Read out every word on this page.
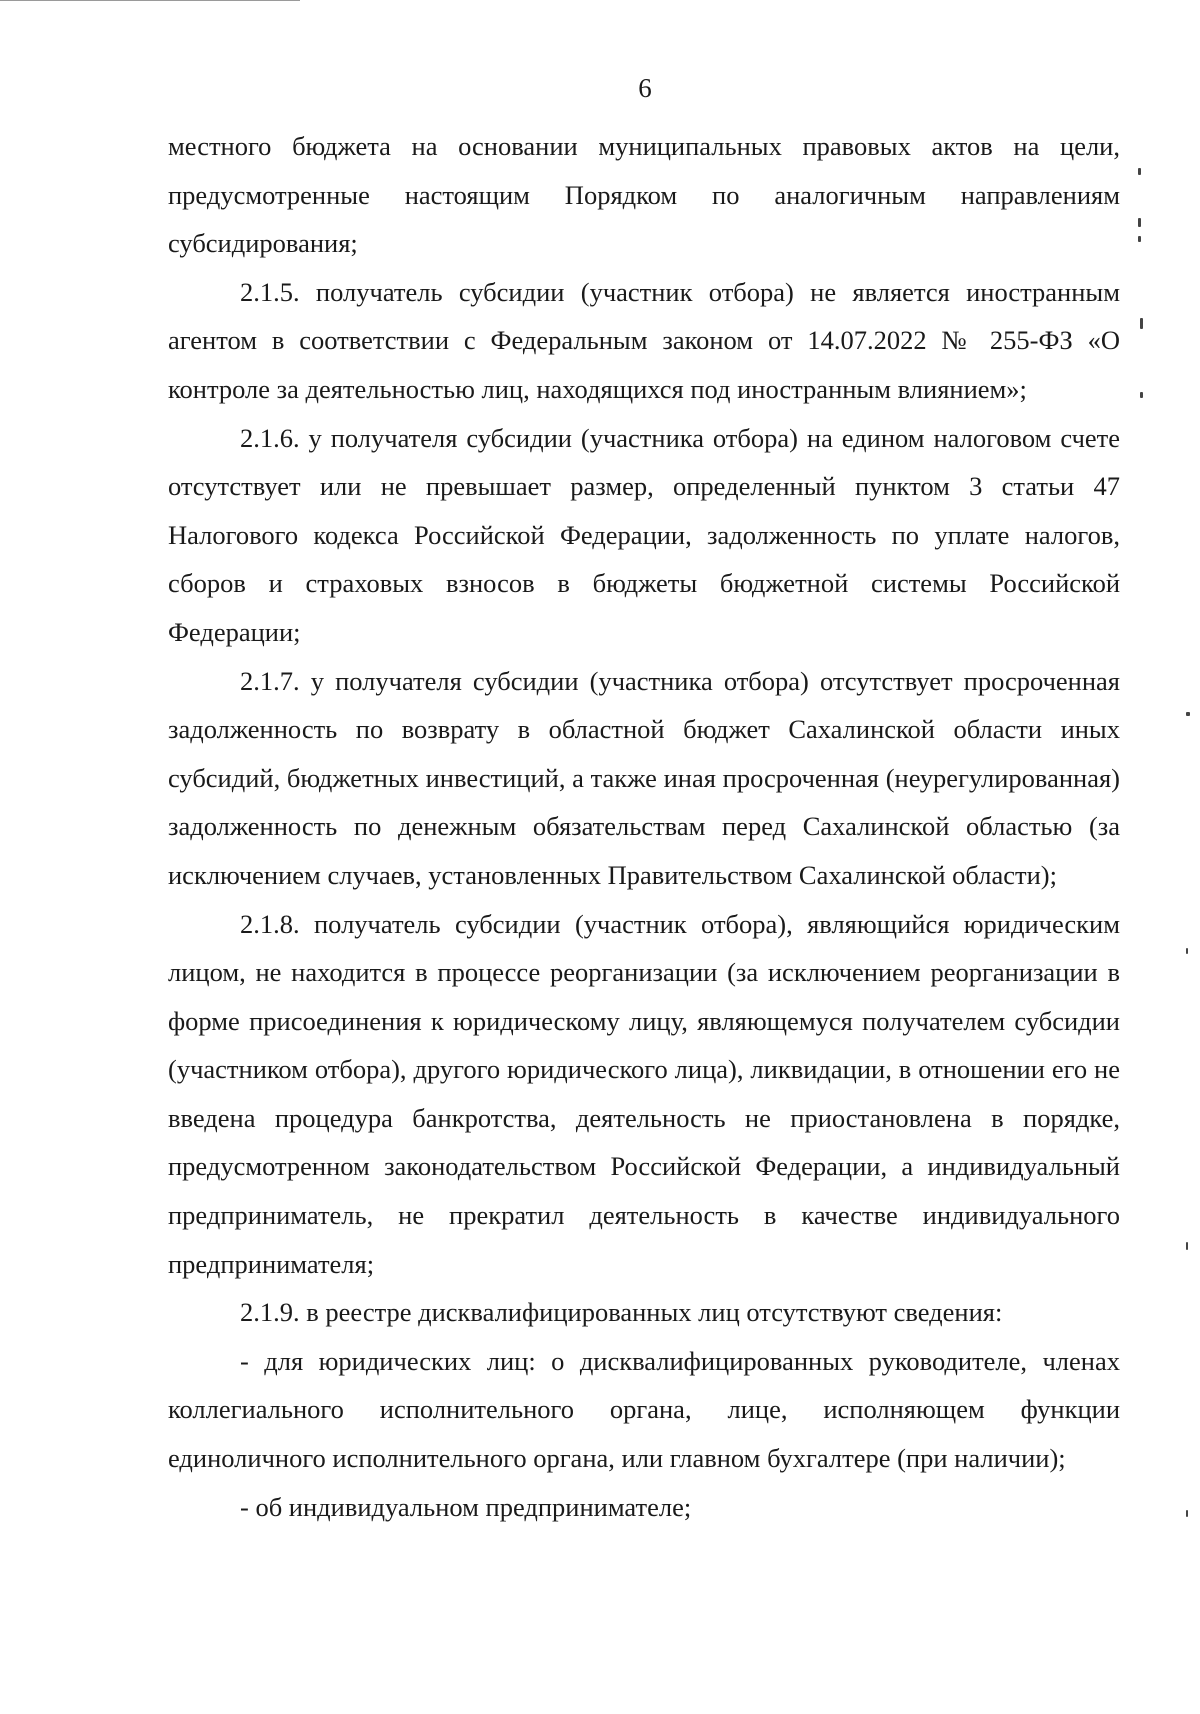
6

местного бюджета на основании муниципальных правовых актов на цели, предусмотренные настоящим Порядком по аналогичным направлениям субсидирования;

2.1.5. получатель субсидии (участник отбора) не является иностранным агентом в соответствии с Федеральным законом от 14.07.2022 № 255-ФЗ «О контроле за деятельностью лиц, находящихся под иностранным влиянием»;

2.1.6. у получателя субсидии (участника отбора) на едином налоговом счете отсутствует или не превышает размер, определенный пунктом 3 статьи 47 Налогового кодекса Российской Федерации, задолженность по уплате налогов, сборов и страховых взносов в бюджеты бюджетной системы Российской Федерации;

2.1.7. у получателя субсидии (участника отбора) отсутствует просроченная задолженность по возврату в областной бюджет Сахалинской области иных субсидий, бюджетных инвестиций, а также иная просроченная (неурегулированная) задолженность по денежным обязательствам перед Сахалинской областью (за исключением случаев, установленных Правительством Сахалинской области);

2.1.8. получатель субсидии (участник отбора), являющийся юридическим лицом, не находится в процессе реорганизации (за исключением реорганизации в форме присоединения к юридическому лицу, являющемуся получателем субсидии (участником отбора), другого юридического лица), ликвидации, в отношении его не введена процедура банкротства, деятельность не приостановлена в порядке, предусмотренном законодательством Российской Федерации, а индивидуальный предприниматель, не прекратил деятельность в качестве индивидуального предпринимателя;

2.1.9. в реестре дисквалифицированных лиц отсутствуют сведения:

- для юридических лиц: о дисквалифицированных руководителе, членах коллегиального исполнительного органа, лице, исполняющем функции единоличного исполнительного органа, или главном бухгалтере (при наличии);

- об индивидуальном предпринимателе;
